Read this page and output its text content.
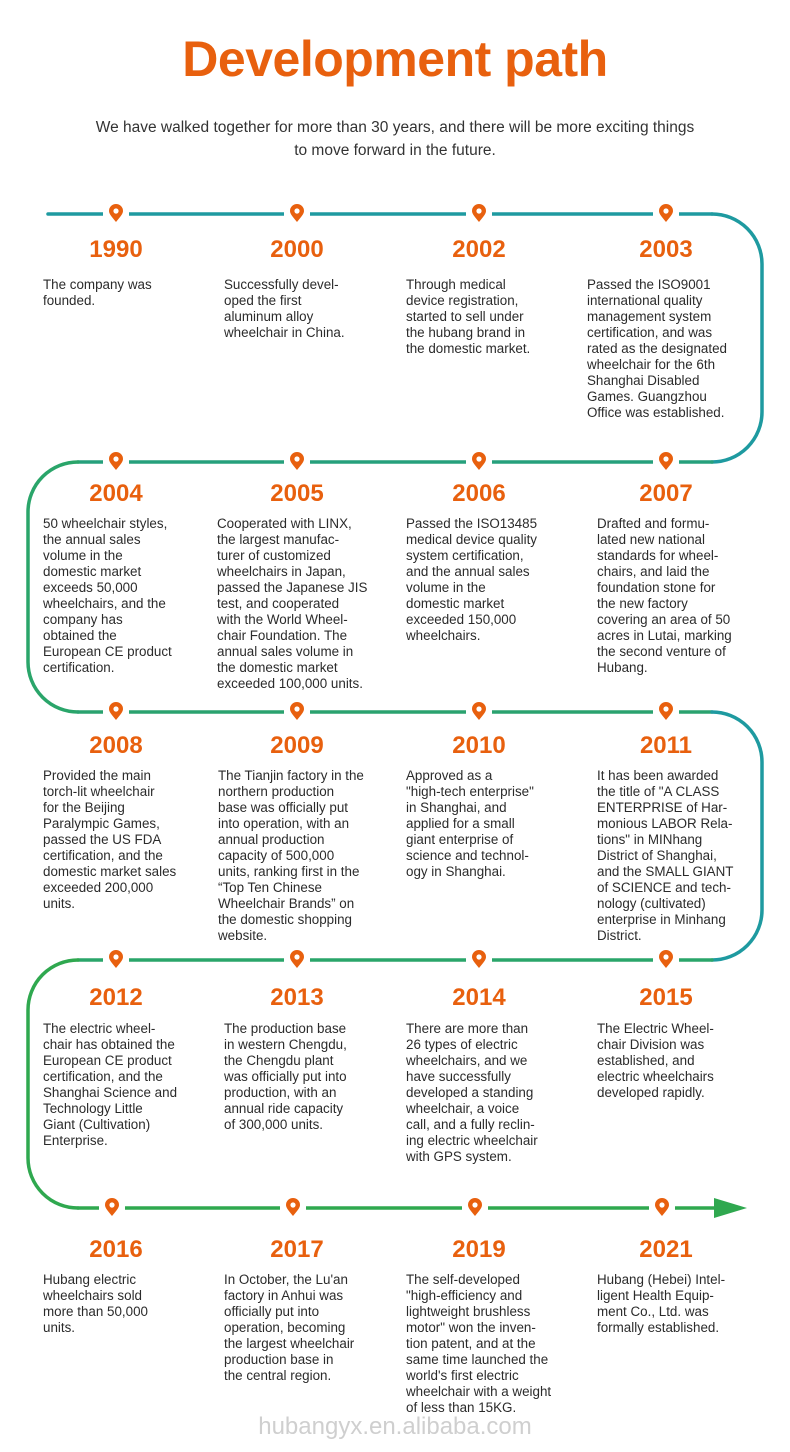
Development path
We have walked together for more than 30 years, and there will be more exciting things
to move forward in the future.
1990
The company was
founded.
2000
Successfully devel-
oped the first
aluminum alloy
wheelchair in China.
2002
Through medical
device registration,
started to sell under
the hubang brand in
the domestic market.
2003
Passed the ISO9001
international quality
management system
certification, and was
rated as the designated
wheelchair for the 6th
Shanghai Disabled
Games. Guangzhou
Office was established.
2004
50 wheelchair styles,
the annual sales
volume in the
domestic market
exceeds 50,000
wheelchairs, and the
company has
obtained the
European CE product
certification.
2005
Cooperated with LINX,
the largest manufac-
turer of customized
wheelchairs in Japan,
passed the Japanese JIS
test, and cooperated
with the World Wheel-
chair Foundation. The
annual sales volume in
the domestic market
exceeded 100,000 units.
2006
Passed the ISO13485
medical device quality
system certification,
and the annual sales
volume in the
domestic market
exceeded 150,000
wheelchairs.
2007
Drafted and formu-
lated new national
standards for wheel-
chairs, and laid the
foundation stone for
the new factory
covering an area of 50
acres in Lutai, marking
the second venture of
Hubang.
2008
Provided the main
torch-lit wheelchair
for the Beijing
Paralympic Games,
passed the US FDA
certification, and the
domestic market sales
exceeded 200,000
units.
2009
The Tianjin factory in the
northern production
base was officially put
into operation, with an
annual production
capacity of 500,000
units, ranking first in the
“Top Ten Chinese
Wheelchair Brands” on
the domestic shopping
website.
2010
Approved as a
"high-tech enterprise"
in Shanghai, and
applied for a small
giant enterprise of
science and technol-
ogy in Shanghai.
2011
It has been awarded
the title of "A CLASS
ENTERPRISE of Har-
monious LABOR Rela-
tions" in MINhang
District of Shanghai,
and the SMALL GIANT
of SCIENCE and tech-
nology (cultivated)
enterprise in Minhang
District.
2012
The electric wheel-
chair has obtained the
European CE product
certification, and the
Shanghai Science and
Technology Little
Giant (Cultivation)
Enterprise.
2013
The production base
in western Chengdu,
the Chengdu plant
was officially put into
production, with an
annual ride capacity
of 300,000 units.
2014
There are more than
26 types of electric
wheelchairs, and we
have successfully
developed a standing
wheelchair, a voice
call, and a fully reclin-
ing electric wheelchair
with GPS system.
2015
The Electric Wheel-
chair Division was
established, and
electric wheelchairs
developed rapidly.
2016
Hubang electric
wheelchairs sold
more than 50,000
units.
2017
In October, the Lu'an
factory in Anhui was
officially put into
operation, becoming
the largest wheelchair
production base in
the central region.
2019
The self-developed
"high-efficiency and
lightweight brushless
motor" won the inven-
tion patent, and at the
same time launched the
world's first electric
wheelchair with a weight
of less than 15KG.
2021
Hubang (Hebei) Intel-
ligent Health Equip-
ment Co., Ltd. was
formally established.
hubangyx.en.alibaba.com
